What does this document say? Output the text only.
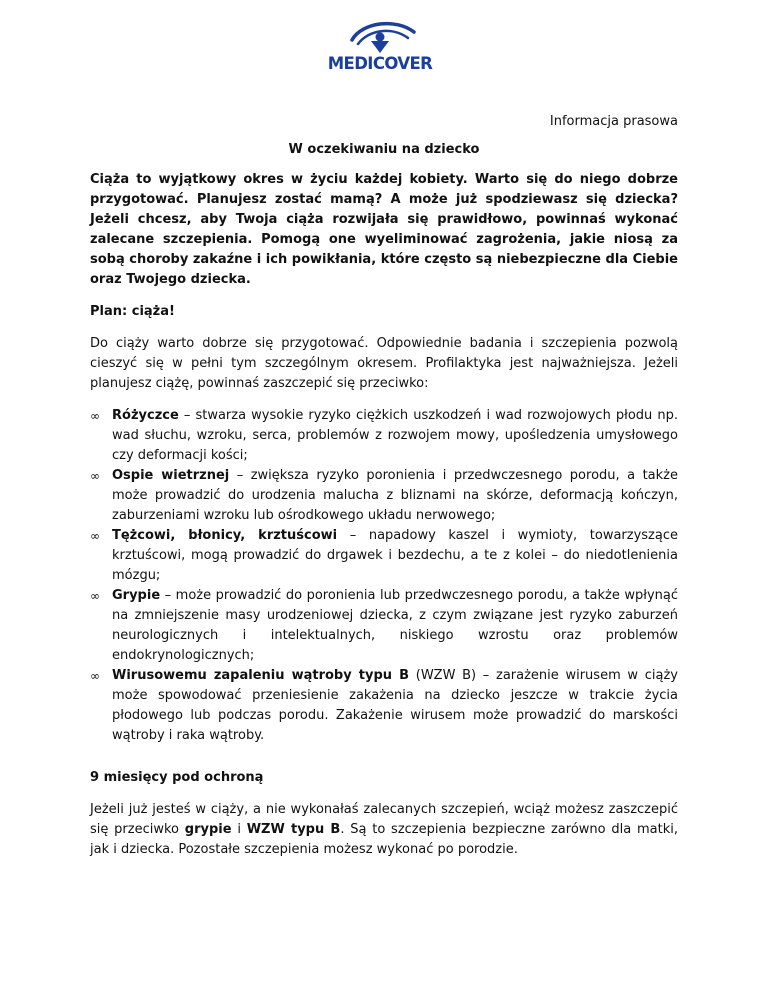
MEDICOVER

Informacja prasowa

W oczekiwaniu na dziecko

Ciąża to wyjątkowy okres w życiu każdej kobiety. Warto się do niego dobrze przygotować. Planujesz zostać mamą? A może już spodziewasz się dziecka? Jeżeli chcesz, aby Twoja ciąża rozwijała się prawidłowo, powinnaś wykonać zalecane szczepienia. Pomogą one wyeliminować zagrożenia, jakie niosą za sobą choroby zakaźne i ich powikłania, które często są niebezpieczne dla Ciebie oraz Twojego dziecka.

Plan: ciąża!

Do ciąży warto dobrze się przygotować. Odpowiednie badania i szczepienia pozwolą cieszyć się w pełni tym szczególnym okresem. Profilaktyka jest najważniejsza. Jeżeli planujesz ciążę, powinnaś zaszczepić się przeciwko:

∞ Różyczce – stwarza wysokie ryzyko ciężkich uszkodzeń i wad rozwojowych płodu np. wad słuchu, wzroku, serca, problemów z rozwojem mowy, upośledzenia umysłowego czy deformacji kości;
∞ Ospie wietrznej – zwiększa ryzyko poronienia i przedwczesnego porodu, a także może prowadzić do urodzenia malucha z bliznami na skórze, deformacją kończyn, zaburzeniami wzroku lub ośrodkowego układu nerwowego;
∞ Tężcowi, błonicy, krztuścowi – napadowy kaszel i wymioty, towarzyszące krztuścowi, mogą prowadzić do drgawek i bezdechu, a te z kolei – do niedotlenienia mózgu;
∞ Grypie – może prowadzić do poronienia lub przedwczesnego porodu, a także wpłynąć na zmniejszenie masy urodzeniowej dziecka, z czym związane jest ryzyko zaburzeń neurologicznych i intelektualnych, niskiego wzrostu oraz problemów endokrynologicznych;
∞ Wirusowemu zapaleniu wątroby typu B (WZW B) – zarażenie wirusem w ciąży może spowodować przeniesienie zakażenia na dziecko jeszcze w trakcie życia płodowego lub podczas porodu. Zakażenie wirusem może prowadzić do marskości wątroby i raka wątroby.

9 miesięcy pod ochroną

Jeżeli już jesteś w ciąży, a nie wykonałaś zalecanych szczepień, wciąż możesz zaszczepić się przeciwko grypie i WZW typu B. Są to szczepienia bezpieczne zarówno dla matki, jak i dziecka. Pozostałe szczepienia możesz wykonać po porodzie.
